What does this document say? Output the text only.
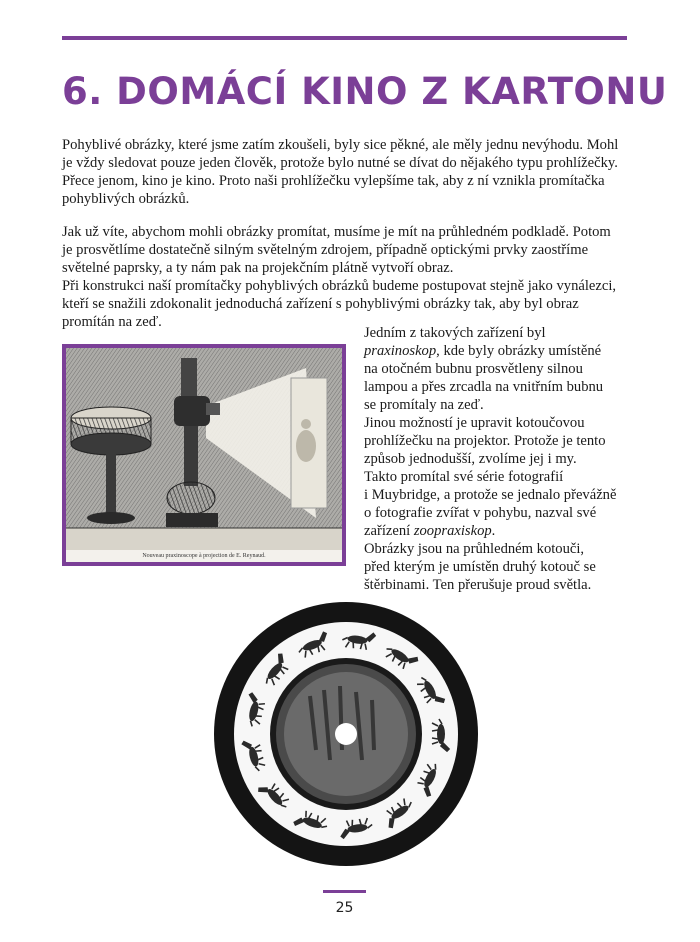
6. DOMÁCÍ KINO Z KARTONU
Pohyblivé obrázky, které jsme zatím zkoušeli, byly sice pěkné, ale měly jednu nevýhodu. Mohl
je vždy sledovat pouze jeden člověk, protože bylo nutné se dívat do nějakého typu prohlížečky.
Přece jenom, kino je kino. Proto naši prohlížečku vylepšíme tak, aby z ní vznikla promítačka
pohyblivých obrázků.
Jak už víte, abychom mohli obrázky promítat, musíme je mít na průhledném podkladě. Potom
je prosvětlíme dostatečně silným světelným zdrojem, případně optickými prvky zaostříme
světelné paprsky, a ty nám pak na projekčním plátně vytvoří obraz.
Při konstrukci naší promítačky pohyblivých obrázků budeme postupovat stejně jako vynálezci,
kteří se snažili zdokonalit jednoduchá zařízení s pohyblivými obrázky tak, aby byl obraz
promítán na zeď.
Nouveau praxinoscope à projection de E. Reynaud.
Jedním z takových zařízení byl
praxinoskop, kde byly obrázky umístěné
na otočném bubnu prosvětleny silnou
lampou a přes zrcadla na vnitřním bubnu
se promítaly na zeď.
Jinou možností je upravit kotoučovou
prohlížečku na projektor. Protože je tento
způsob jednodušší, zvolíme jej i my.
Takto promítal své série fotografií
i Muybridge, a protože se jednalo převážně
o fotografie zvířat v pohybu, nazval své
zařízení zoopraxiskop.
Obrázky jsou na průhledném kotouči,
před kterým je umístěn druhý kotouč se
štěrbinami. Ten přerušuje proud světla.
25
